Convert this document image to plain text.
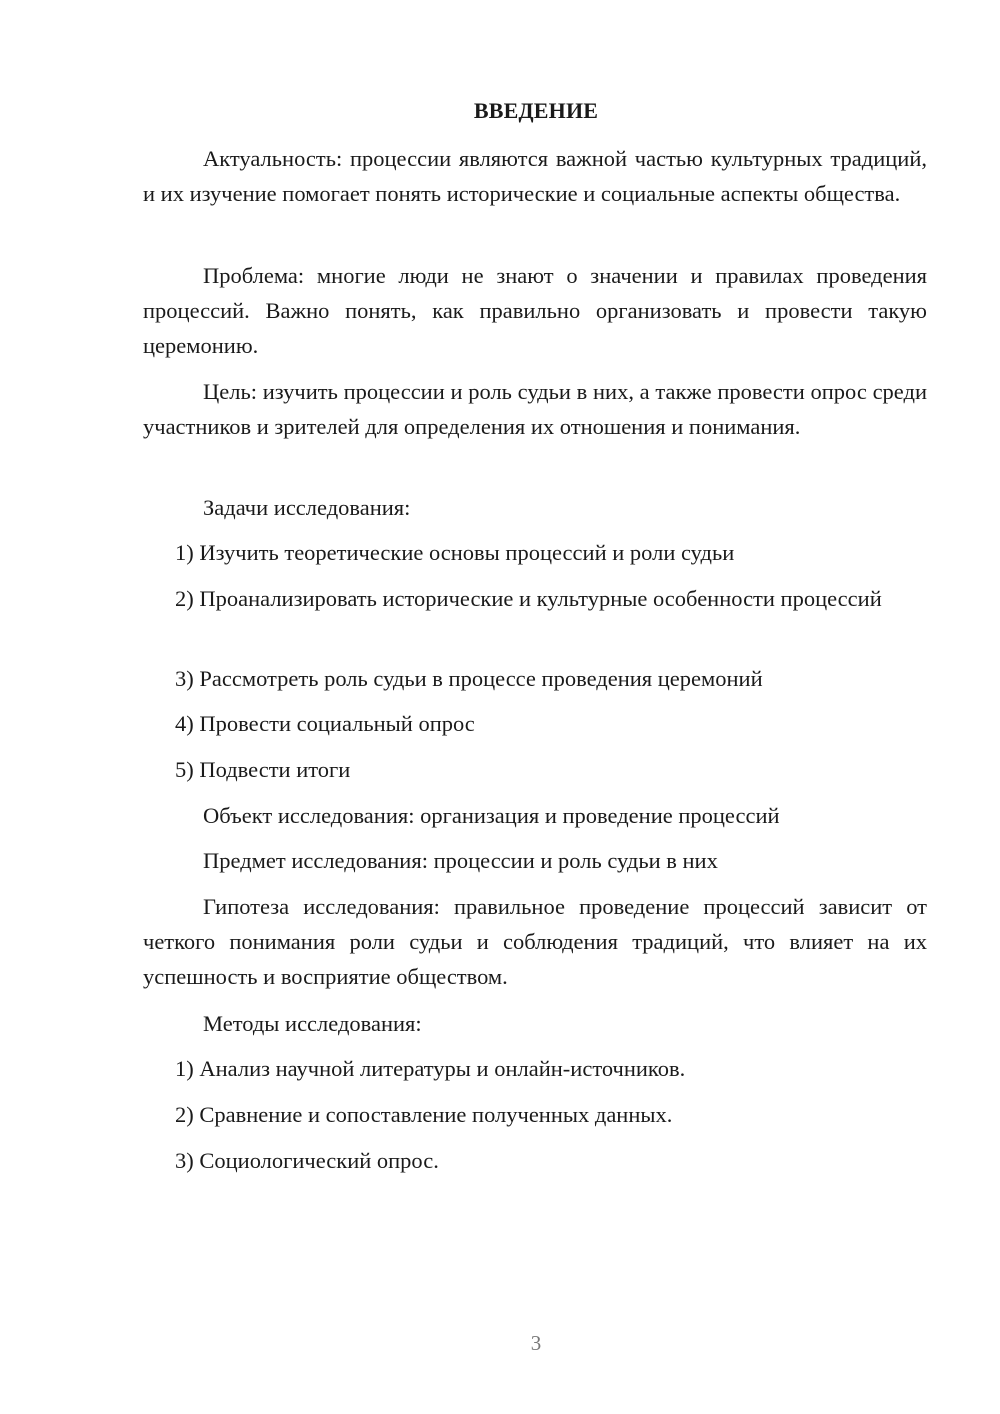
ВВЕДЕНИЕ

Актуальность: процессии являются важной частью культурных традиций, и их изучение помогает понять исторические и социальные аспекты общества.

Проблема: многие люди не знают о значении и правилах проведения процессий. Важно понять, как правильно организовать и провести такую церемонию.

Цель: изучить процессии и роль судьи в них, а также провести опрос среди участников и зрителей для определения их отношения и понимания.

Задачи исследования:

1) Изучить теоретические основы процессий и роли судьи

2) Проанализировать исторические и культурные особенности процессий

3) Рассмотреть роль судьи в процессе проведения церемоний

4) Провести социальный опрос

5) Подвести итоги

Объект исследования: организация и проведение процессий

Предмет исследования: процессии и роль судьи в них

Гипотеза исследования: правильное проведение процессий зависит от четкого понимания роли судьи и соблюдения традиций, что влияет на их успешность и восприятие обществом.

Методы исследования:

1) Анализ научной литературы и онлайн-источников.

2) Сравнение и сопоставление полученных данных.

3) Социологический опрос.

3
